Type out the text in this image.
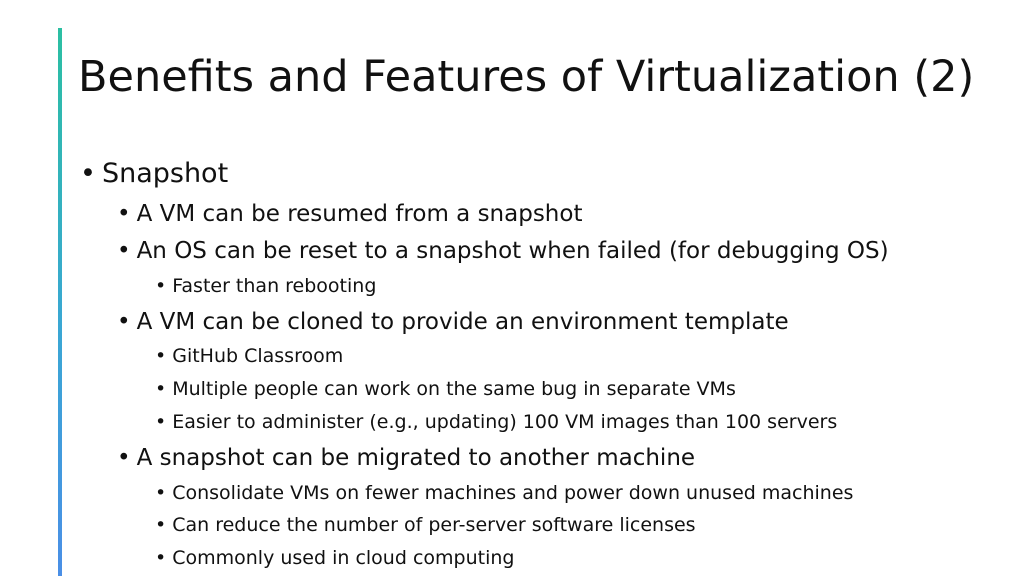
Benefits and Features of Virtualization (2)
• Snapshot
• A VM can be resumed from a snapshot
• An OS can be reset to a snapshot when failed (for debugging OS)
• Faster than rebooting
• A VM can be cloned to provide an environment template
• GitHub Classroom
• Multiple people can work on the same bug in separate VMs
• Easier to administer (e.g., updating) 100 VM images than 100 servers
• A snapshot can be migrated to another machine
• Consolidate VMs on fewer machines and power down unused machines
• Can reduce the number of per-server software licenses
• Commonly used in cloud computing
